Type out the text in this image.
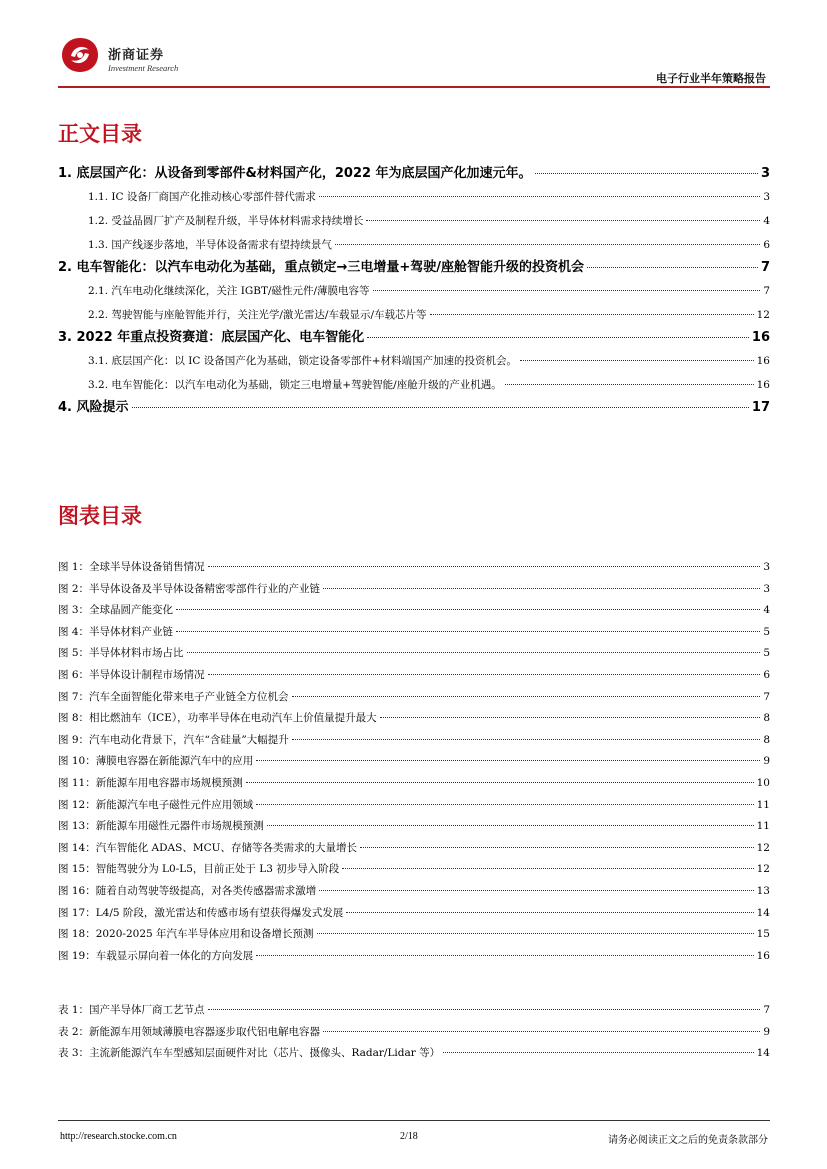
浙商证券
Investment Research
电子行业半年策略报告
正文目录
1. 底层国产化：从设备到零部件&材料国产化，2022 年为底层国产化加速元年。	3
1.1. IC 设备厂商国产化推动核心零部件替代需求	3
1.2. 受益晶圆厂扩产及制程升级，半导体材料需求持续增长	4
1.3. 国产线逐步落地，半导体设备需求有望持续景气	6
2. 电车智能化：以汽车电动化为基础，重点锁定→三电增量+驾驶/座舱智能升级的投资机会	7
2.1. 汽车电动化继续深化，关注 IGBT/磁性元件/薄膜电容等	7
2.2. 驾驶智能与座舱智能并行，关注光学/激光雷达/车载显示/车载芯片等	12
3. 2022 年重点投资赛道：底层国产化、电车智能化	16
3.1. 底层国产化：以 IC 设备国产化为基础，锁定设备零部件+材料端国产加速的投资机会。	16
3.2. 电车智能化：以汽车电动化为基础，锁定三电增量+驾驶智能/座舱升级的产业机遇。	16
4. 风险提示	17
图表目录
图 1：全球半导体设备销售情况	3
图 2：半导体设备及半导体设备精密零部件行业的产业链	3
图 3：全球晶圆产能变化	4
图 4：半导体材料产业链	5
图 5：半导体材料市场占比	5
图 6：半导体设计制程市场情况	6
图 7：汽车全面智能化带来电子产业链全方位机会	7
图 8：相比燃油车（ICE），功率半导体在电动汽车上价值量提升最大	8
图 9：汽车电动化背景下，汽车“含硅量”大幅提升	8
图 10：薄膜电容器在新能源汽车中的应用	9
图 11：新能源车用电容器市场规模预测	10
图 12：新能源汽车电子磁性元件应用领域	11
图 13：新能源车用磁性元器件市场规模预测	11
图 14：汽车智能化 ADAS、MCU、存储等各类需求的大量增长	12
图 15：智能驾驶分为 L0-L5，目前正处于 L3 初步导入阶段	12
图 16：随着自动驾驶等级提高，对各类传感器需求激增	13
图 17：L4/5 阶段，激光雷达和传感市场有望获得爆发式发展	14
图 18：2020-2025 年汽车半导体应用和设备增长预测	15
图 19：车载显示屏向着一体化的方向发展	16
表 1：国产半导体厂商工艺节点	7
表 2：新能源车用领域薄膜电容器逐步取代铝电解电容器	9
表 3：主流新能源汽车车型感知层面硬件对比（芯片、摄像头、Radar/Lidar 等）	14
http://research.stocke.com.cn	2/18	请务必阅读正文之后的免责条款部分
